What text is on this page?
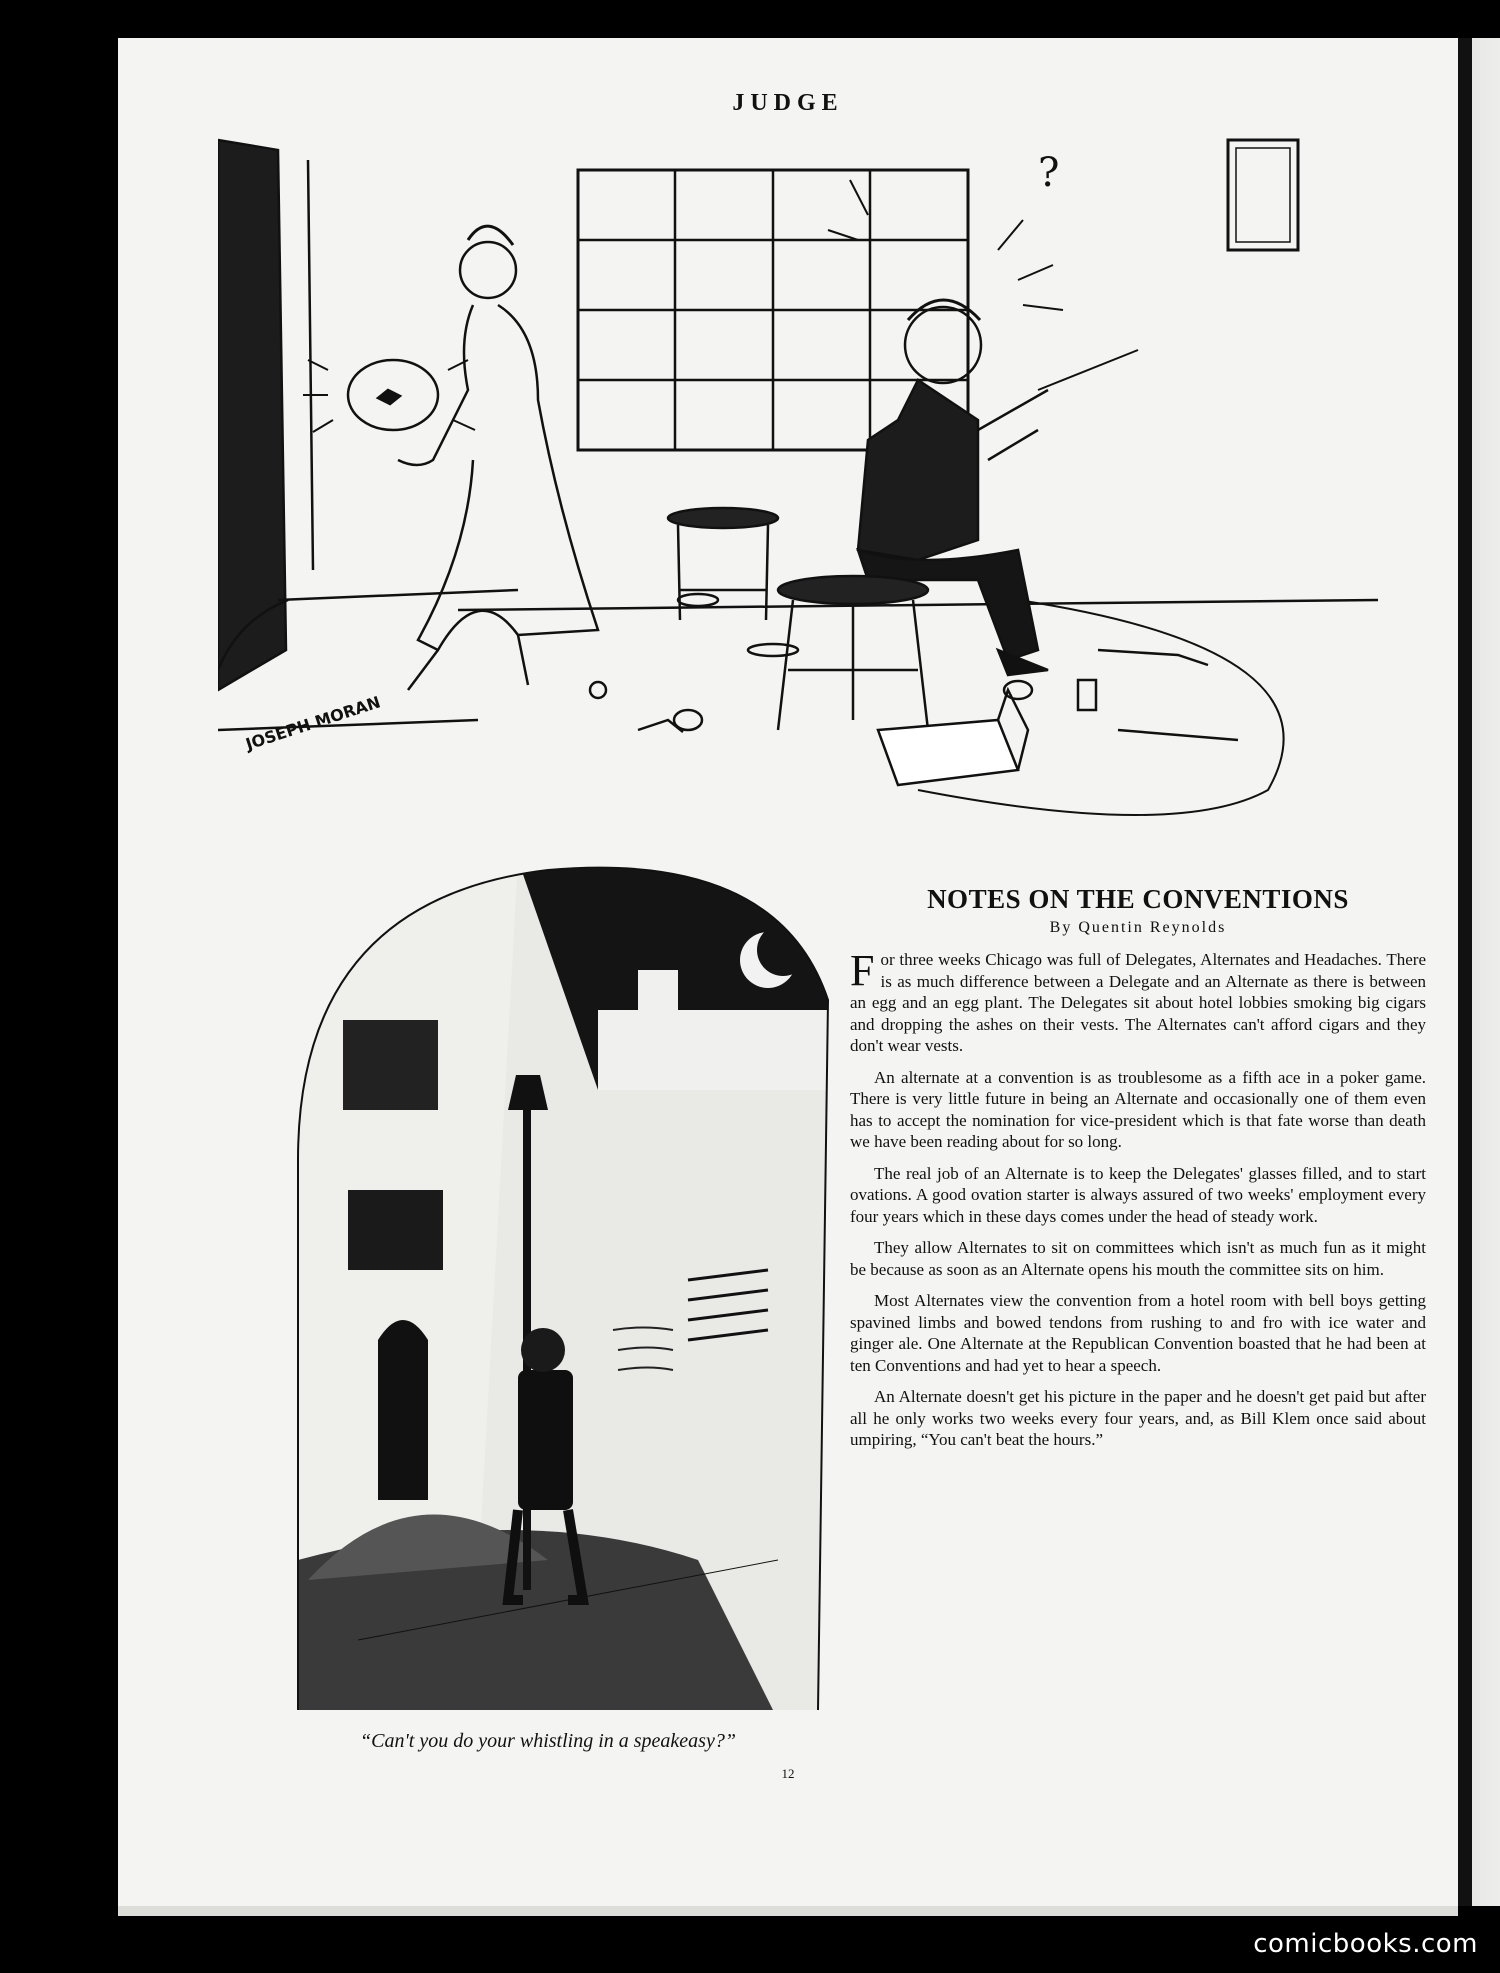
JUDGE
?
JOSEPH MORAN
“Can't you do your whistling in a speakeasy?”
NOTES ON THE CONVENTIONS
By Quentin Reynolds

For three weeks Chicago was full of Delegates, Alternates and Headaches. There is as much difference between a Delegate and an Alternate as there is between an egg and an egg plant. The Delegates sit about hotel lobbies smoking big cigars and dropping the ashes on their vests. The Alternates can't afford cigars and they don't wear vests.

An alternate at a convention is as troublesome as a fifth ace in a poker game. There is very little future in being an Alternate and occasionally one of them even has to accept the nomination for vice-president which is that fate worse than death we have been reading about for so long.

The real job of an Alternate is to keep the Delegates' glasses filled, and to start ovations. A good ovation starter is always assured of two weeks' employment every four years which in these days comes under the head of steady work.

They allow Alternates to sit on committees which isn't as much fun as it might be because as soon as an Alternate opens his mouth the committee sits on him.

Most Alternates view the convention from a hotel room with bell boys getting spavined limbs and bowed tendons from rushing to and fro with ice water and ginger ale. One Alternate at the Republican Convention boasted that he had been at ten Conventions and had yet to hear a speech.

An Alternate doesn't get his picture in the paper and he doesn't get paid but after all he only works two weeks every four years, and, as Bill Klem once said about umpiring, “You can't beat the hours.”

12
comicbooks.com
